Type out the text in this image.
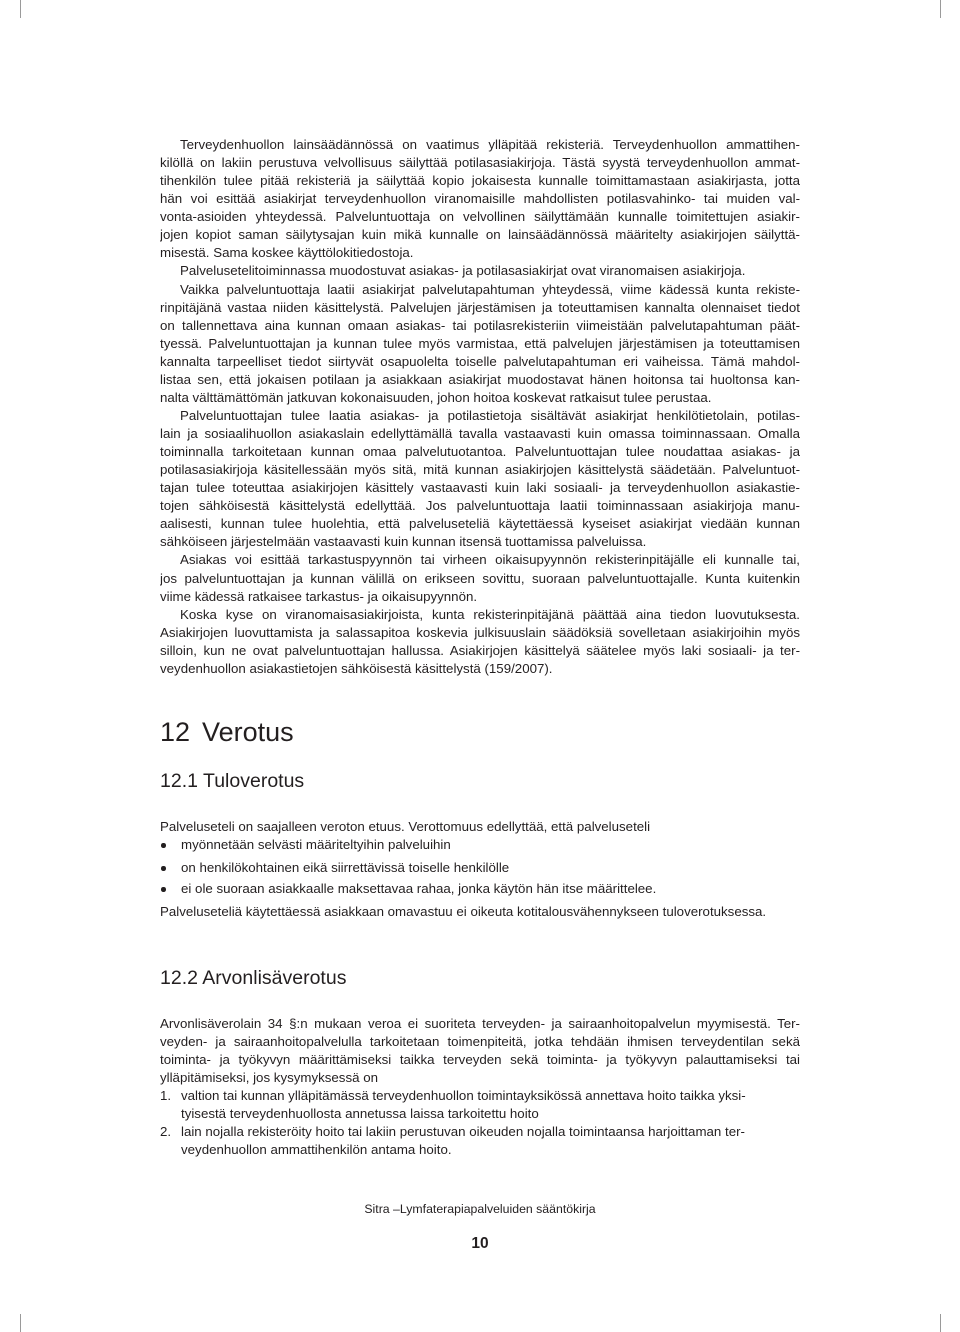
Terveydenhuollon lainsäädännössä on vaatimus ylläpitää rekisteriä. Terveydenhuollon ammattihen-
kilöllä on lakiin perustuva velvollisuus säilyttää potilasasiakirjoja. Tästä syystä terveydenhuollon ammat-
tihenkilön tulee pitää rekisteriä ja säilyttää kopio jokaisesta kunnalle toimittamastaan asiakirjasta, jotta
hän voi esittää asiakirjat terveydenhuollon viranomaisille mahdollisten potilasvahinko- tai muiden val-
vonta-asioiden yhteydessä. Palveluntuottaja on velvollinen säilyttämään kunnalle toimitettujen asiakir-
jojen kopiot saman säilytysajan kuin mikä kunnalle on lainsäädännössä määritelty asiakirjojen säilyttä-
misestä. Sama koskee käyttölokitiedostoja.
Palvelusetelitoiminnassa muodostuvat asiakas- ja potilasasiakirjat ovat viranomaisen asiakirjoja.
Vaikka palveluntuottaja laatii asiakirjat palvelutapahtuman yhteydessä, viime kädessä kunta rekiste-
rinpitäjänä vastaa niiden käsittelystä. Palvelujen järjestämisen ja toteuttamisen kannalta olennaiset tiedot
on tallennettava aina kunnan omaan asiakas- tai potilasrekisteriin viimeistään palvelutapahtuman päät-
tyessä. Palveluntuottajan ja kunnan tulee myös varmistaa, että palvelujen järjestämisen ja toteuttamisen
kannalta tarpeelliset tiedot siirtyvät osapuolelta toiselle palvelutapahtuman eri vaiheissa. Tämä mahdol-
listaa sen, että jokaisen potilaan ja asiakkaan asiakirjat muodostavat hänen hoitonsa tai huoltonsa kan-
nalta välttämättömän jatkuvan kokonaisuuden, johon hoitoa koskevat ratkaisut tulee perustaa.
Palveluntuottajan tulee laatia asiakas- ja potilastietoja sisältävät asiakirjat henkilötietolain, potilas-
lain ja sosiaalihuollon asiakaslain edellyttämällä tavalla vastaavasti kuin omassa toiminnassaan. Omalla
toiminnalla tarkoitetaan kunnan omaa palvelutuotantoa. Palveluntuottajan tulee noudattaa asiakas- ja
potilasasiakirjoja käsitellessään myös sitä, mitä kunnan asiakirjojen käsittelystä säädetään. Palveluntuot-
tajan tulee toteuttaa asiakirjojen käsittely vastaavasti kuin laki sosiaali- ja terveydenhuollon asiakastie-
tojen sähköisestä käsittelystä edellyttää. Jos palveluntuottaja laatii toiminnassaan asiakirjoja manu-
aalisesti, kunnan tulee huolehtia, että palveluseteliä käytettäessä kyseiset asiakirjat viedään kunnan
sähköiseen järjestelmään vastaavasti kuin kunnan itsensä tuottamissa palveluissa.
Asiakas voi esittää tarkastuspyynnön tai virheen oikaisupyynnön rekisterinpitäjälle eli kunnalle tai,
jos palveluntuottajan ja kunnan välillä on erikseen sovittu, suoraan palveluntuottajalle. Kunta kuitenkin
viime kädessä ratkaisee tarkastus- ja oikaisupyynnön.
Koska kyse on viranomaisasiakirjoista, kunta rekisterinpitäjänä päättää aina tiedon luovutuksesta.
Asiakirjojen luovuttamista ja salassapitoa koskevia julkisuuslain säädöksiä sovelletaan asiakirjoihin myös
silloin, kun ne ovat palveluntuottajan hallussa. Asiakirjojen käsittelyä säätelee myös laki sosiaali- ja ter-
veydenhuollon asiakastietojen sähköisestä käsittelystä (159/2007).
12 Verotus
12.1 Tuloverotus
Palveluseteli on saajalleen veroton etuus. Verottomuus edellyttää, että palveluseteli
myönnetään selvästi määriteltyihin palveluihin
on henkilökohtainen eikä siirrettävissä toiselle henkilölle
ei ole suoraan asiakkaalle maksettavaa rahaa, jonka käytön hän itse määrittelee.
Palveluseteliä käytettäessä asiakkaan omavastuu ei oikeuta kotitalousvähennykseen tuloverotuksessa.
12.2 Arvonlisäverotus
Arvonlisäverolain 34 §:n mukaan veroa ei suoriteta terveyden- ja sairaanhoitopalvelun myymisestä. Ter-
veyden- ja sairaanhoitopalvelulla tarkoitetaan toimenpiteitä, jotka tehdään ihmisen terveydentilan sekä
toiminta- ja työkyvyn määrittämiseksi taikka terveyden sekä toiminta- ja työkyvyn palauttamiseksi tai
ylläpitämiseksi, jos kysymyksessä on
1. valtion tai kunnan ylläpitämässä terveydenhuollon toimintayksikössä annettava hoito taikka yksi-
tyisestä terveydenhuollosta annetussa laissa tarkoitettu hoito
2. lain nojalla rekisteröity hoito tai lakiin perustuvan oikeuden nojalla toimintaansa harjoittaman ter-
veydenhuollon ammattihenkilön antama hoito.
Sitra –Lymfaterapiapalveluiden sääntökirja
10
